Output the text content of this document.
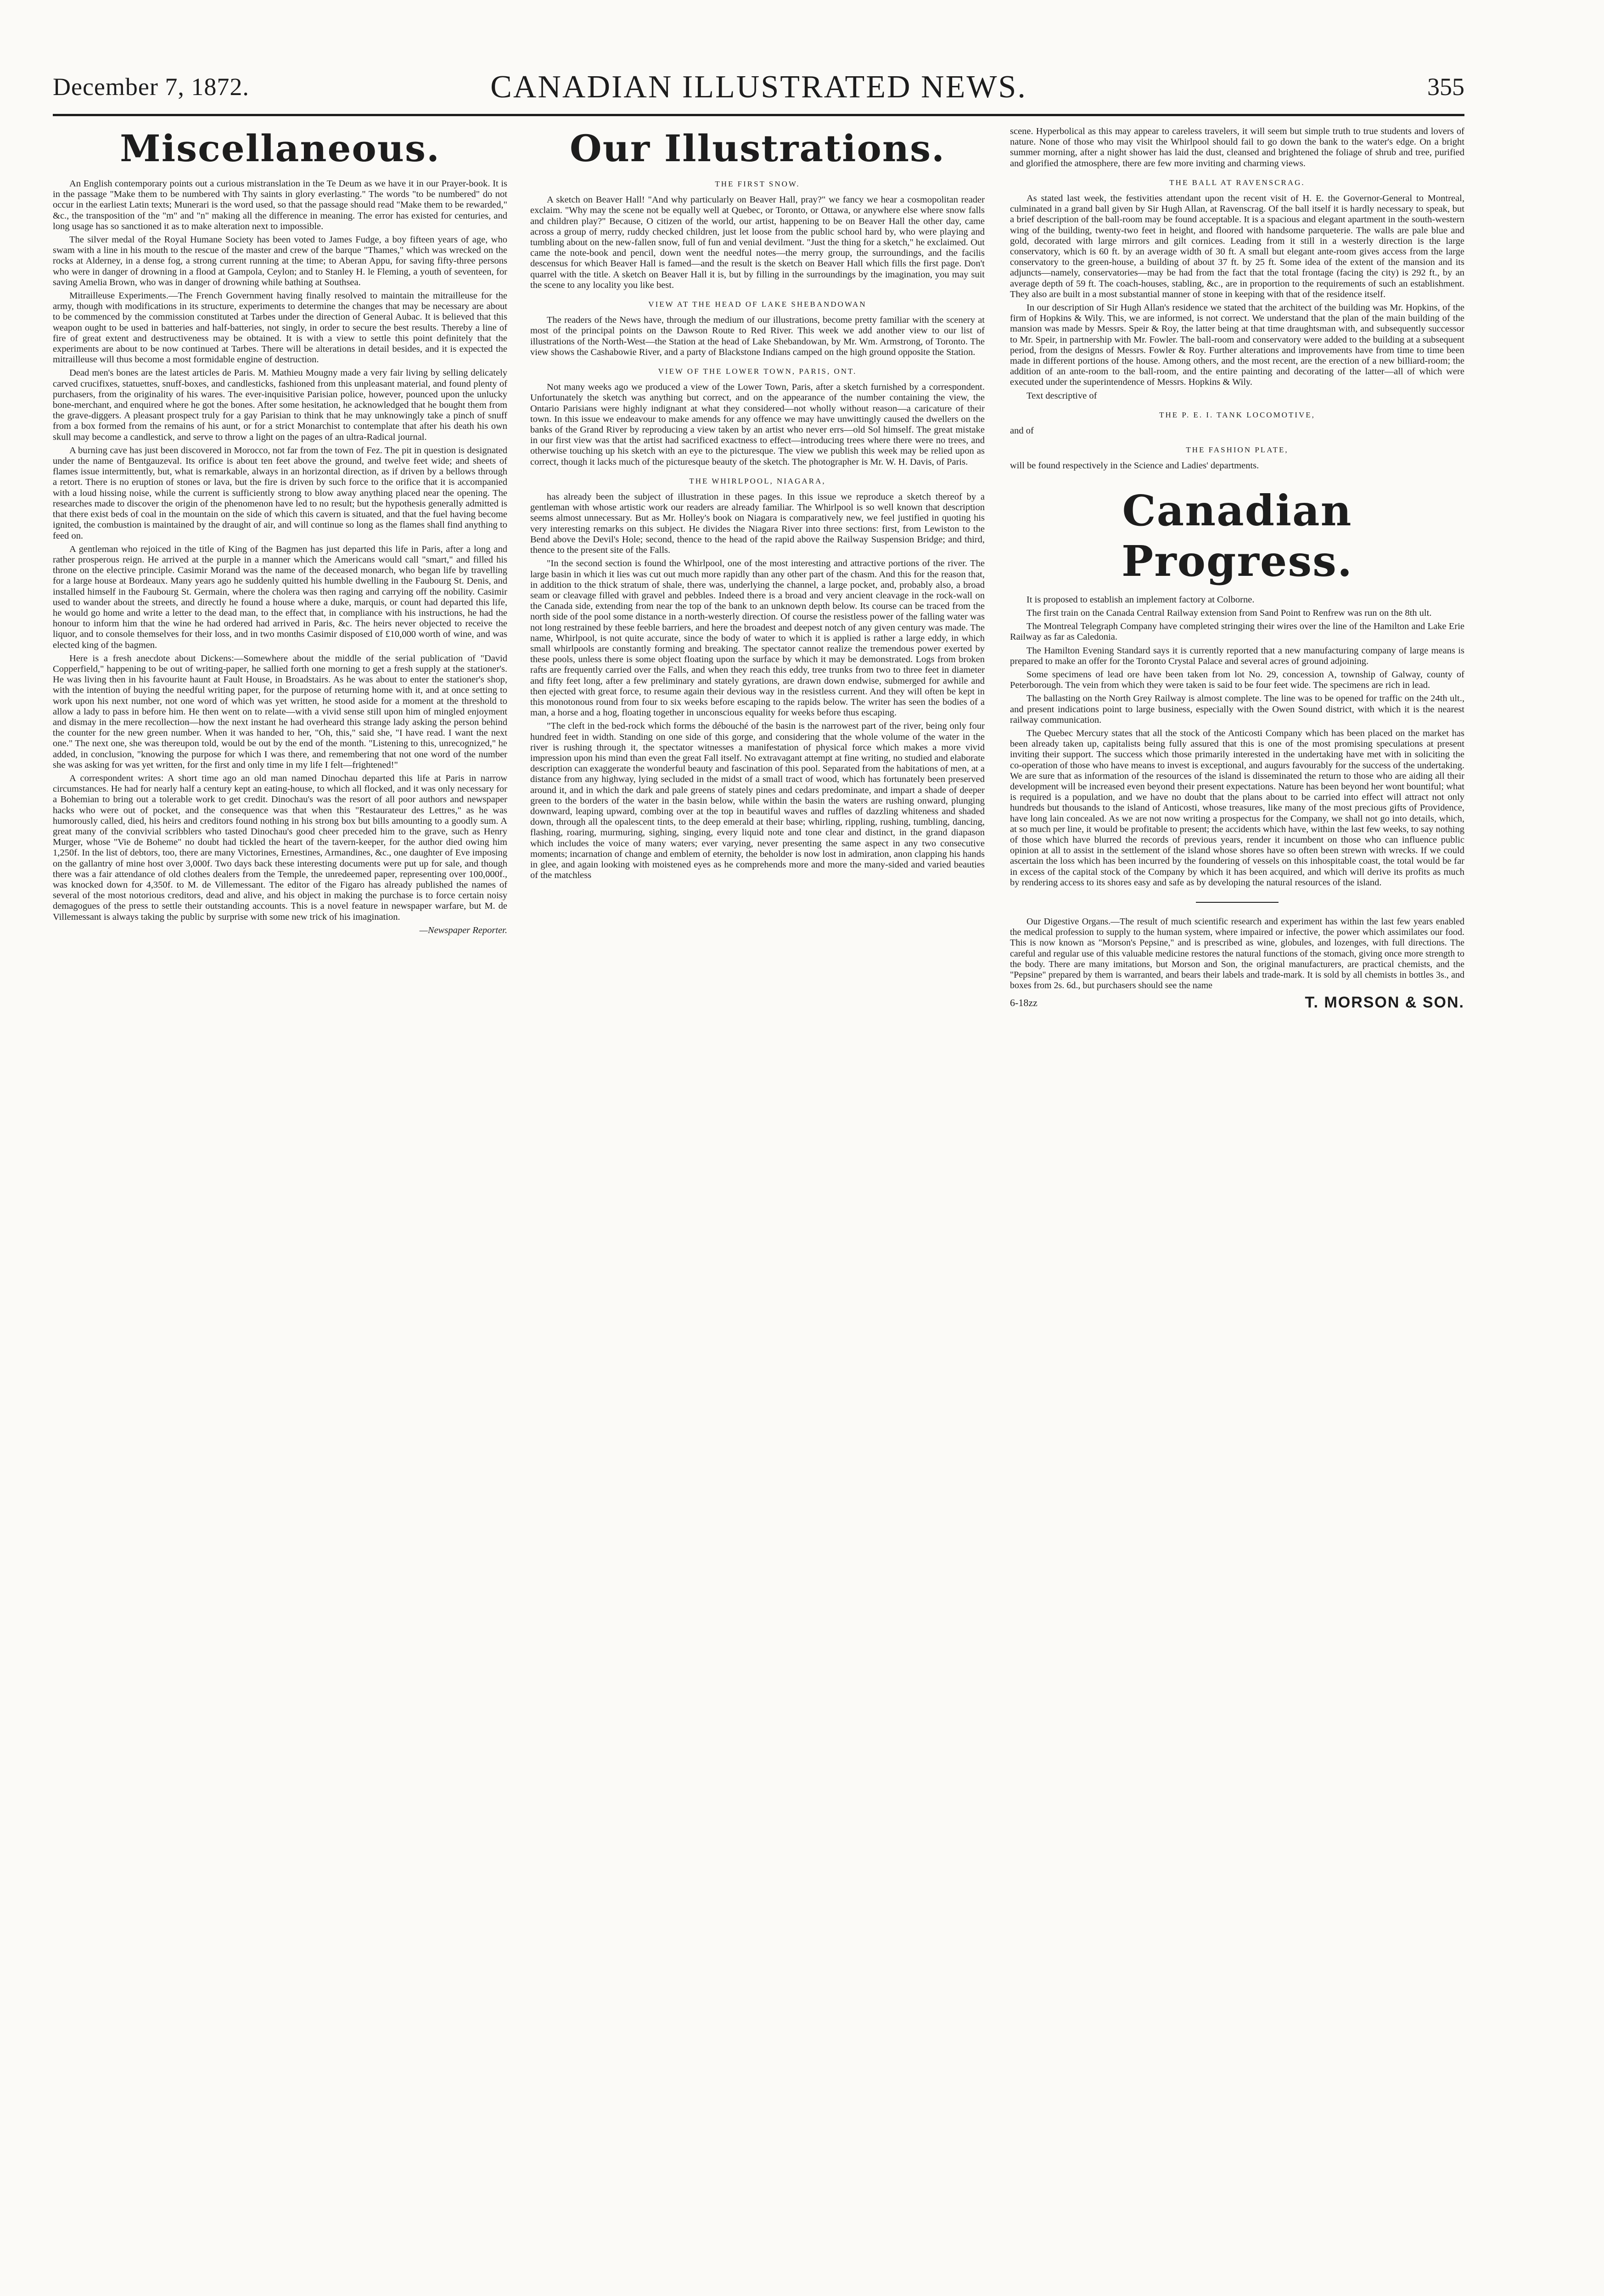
December 7, 1872.	CANADIAN ILLUSTRATED NEWS.	355
Miscellaneous.

An English contemporary points out a curious mistranslation in the Te Deum as we have it in our Prayer-book. It is in the passage "Make them to be numbered with Thy saints in glory everlasting." The words "to be numbered" do not occur in the earliest Latin texts; Munerari is the word used, so that the passage should read "Make them to be rewarded," &c., the transposition of the "m" and "n" making all the difference in meaning. The error has existed for centuries, and long usage has so sanctioned it as to make alteration next to impossible.

The silver medal of the Royal Humane Society has been voted to James Fudge, a boy fifteen years of age, who swam with a line in his mouth to the rescue of the master and crew of the barque "Thames," which was wrecked on the rocks at Alderney, in a dense fog, a strong current running at the time; to Aberan Appu, for saving fifty-three persons who were in danger of drowning in a flood at Gampola, Ceylon; and to Stanley H. le Fleming, a youth of seventeen, for saving Amelia Brown, who was in danger of drowning while bathing at Southsea.

Mitrailleuse Experiments.—The French Government having finally resolved to maintain the mitrailleuse for the army, though with modifications in its structure, experiments to determine the changes that may be necessary are about to be commenced by the commission constituted at Tarbes under the direction of General Aubac. It is believed that this weapon ought to be used in batteries and half-batteries, not singly, in order to secure the best results. Thereby a line of fire of great extent and destructiveness may be obtained. It is with a view to settle this point definitely that the experiments are about to be now continued at Tarbes. There will be alterations in detail besides, and it is expected the mitrailleuse will thus become a most formidable engine of destruction.

Dead men's bones are the latest articles de Paris. M. Mathieu Mougny made a very fair living by selling delicately carved crucifixes, statuettes, snuff-boxes, and candlesticks, fashioned from this unpleasant material, and found plenty of purchasers, from the originality of his wares. The ever-inquisitive Parisian police, however, pounced upon the unlucky bone-merchant, and enquired where he got the bones. After some hesitation, he acknowledged that he bought them from the grave-diggers. A pleasant prospect truly for a gay Parisian to think that he may unknowingly take a pinch of snuff from a box formed from the remains of his aunt, or for a strict Monarchist to contemplate that after his death his own skull may become a candlestick, and serve to throw a light on the pages of an ultra-Radical journal.

A burning cave has just been discovered in Morocco, not far from the town of Fez. The pit in question is designated under the name of Bentgauzeval. Its orifice is about ten feet above the ground, and twelve feet wide; and sheets of flames issue intermittently, but, what is remarkable, always in an horizontal direction, as if driven by a bellows through a retort. There is no eruption of stones or lava, but the fire is driven by such force to the orifice that it is accompanied with a loud hissing noise, while the current is sufficiently strong to blow away anything placed near the opening. The researches made to discover the origin of the phenomenon have led to no result; but the hypothesis generally admitted is that there exist beds of coal in the mountain on the side of which this cavern is situated, and that the fuel having become ignited, the combustion is maintained by the draught of air, and will continue so long as the flames shall find anything to feed on.

A gentleman who rejoiced in the title of King of the Bagmen has just departed this life in Paris, after a long and rather prosperous reign. He arrived at the purple in a manner which the Americans would call "smart," and filled his throne on the elective principle. Casimir Morand was the name of the deceased monarch, who began life by travelling for a large house at Bordeaux. Many years ago he suddenly quitted his humble dwelling in the Faubourg St. Denis, and installed himself in the Faubourg St. Germain, where the cholera was then raging and carrying off the nobility. Casimir used to wander about the streets, and directly he found a house where a duke, marquis, or count had departed this life, he would go home and write a letter to the dead man, to the effect that, in compliance with his instructions, he had the honour to inform him that the wine he had ordered had arrived in Paris, &c. The heirs never objected to receive the liquor, and to console themselves for their loss, and in two months Casimir disposed of £10,000 worth of wine, and was elected king of the bagmen.

Here is a fresh anecdote about Dickens:—Somewhere about the middle of the serial publication of "David Copperfield," happening to be out of writing-paper, he sallied forth one morning to get a fresh supply at the stationer's. He was living then in his favourite haunt at Fault House, in Broadstairs. As he was about to enter the stationer's shop, with the intention of buying the needful writing paper, for the purpose of returning home with it, and at once setting to work upon his next number, not one word of which was yet written, he stood aside for a moment at the threshold to allow a lady to pass in before him. He then went on to relate—with a vivid sense still upon him of mingled enjoyment and dismay in the mere recollection—how the next instant he had overheard this strange lady asking the person behind the counter for the new green number. When it was handed to her, "Oh, this," said she, "I have read. I want the next one." The next one, she was thereupon told, would be out by the end of the month. "Listening to this, unrecognized," he added, in conclusion, "knowing the purpose for which I was there, and remembering that not one word of the number she was asking for was yet written, for the first and only time in my life I felt—frightened!"

A correspondent writes: A short time ago an old man named Dinochau departed this life at Paris in narrow circumstances. He had for nearly half a century kept an eating-house, to which all flocked, and it was only necessary for a Bohemian to bring out a tolerable work to get credit. Dinochau's was the resort of all poor authors and newspaper hacks who were out of pocket, and the consequence was that when this "Restaurateur des Lettres," as he was humorously called, died, his heirs and creditors found nothing in his strong box but bills amounting to a goodly sum. A great many of the convivial scribblers who tasted Dinochau's good cheer preceded him to the grave, such as Henry Murger, whose "Vie de Boheme" no doubt had tickled the heart of the tavern-keeper, for the author died owing him 1,250f. In the list of debtors, too, there are many Victorines, Ernestines, Armandines, &c., one daughter of Eve imposing on the gallantry of mine host over 3,000f. Two days back these interesting documents were put up for sale, and though there was a fair attendance of old clothes dealers from the Temple, the unredeemed paper, representing over 100,000f., was knocked down for 4,350f. to M. de Villemessant. The editor of the Figaro has already published the names of several of the most notorious creditors, dead and alive, and his object in making the purchase is to force certain noisy demagogues of the press to settle their outstanding accounts. This is a novel feature in newspaper warfare, but M. de Villemessant is always taking the public by surprise with some new trick of his imagination.

—Newspaper Reporter.

Our Illustrations.
THE FIRST SNOW.

A sketch on Beaver Hall! "And why particularly on Beaver Hall, pray?" we fancy we hear a cosmopolitan reader exclaim. "Why may the scene not be equally well at Quebec, or Toronto, or Ottawa, or anywhere else where snow falls and children play?" Because, O citizen of the world, our artist, happening to be on Beaver Hall the other day, came across a group of merry, ruddy checked children, just let loose from the public school hard by, who were playing and tumbling about on the new-fallen snow, full of fun and venial devilment. "Just the thing for a sketch," he exclaimed. Out came the note-book and pencil, down went the needful notes—the merry group, the surroundings, and the facilis descensus for which Beaver Hall is famed—and the result is the sketch on Beaver Hall which fills the first page. Don't quarrel with the title. A sketch on Beaver Hall it is, but by filling in the surroundings by the imagination, you may suit the scene to any locality you like best.

VIEW AT THE HEAD OF LAKE SHEBANDOWAN

The readers of the News have, through the medium of our illustrations, become pretty familiar with the scenery at most of the principal points on the Dawson Route to Red River. This week we add another view to our list of illustrations of the North-West—the Station at the head of Lake Shebandowan, by Mr. Wm. Armstrong, of Toronto. The view shows the Cashabowie River, and a party of Blackstone Indians camped on the high ground opposite the Station.

VIEW OF THE LOWER TOWN, PARIS, ONT.

Not many weeks ago we produced a view of the Lower Town, Paris, after a sketch furnished by a correspondent. Unfortunately the sketch was anything but correct, and on the appearance of the number containing the view, the Ontario Parisians were highly indignant at what they considered—not wholly without reason—a caricature of their town. In this issue we endeavour to make amends for any offence we may have unwittingly caused the dwellers on the banks of the Grand River by reproducing a view taken by an artist who never errs—old Sol himself. The great mistake in our first view was that the artist had sacrificed exactness to effect—introducing trees where there were no trees, and otherwise touching up his sketch with an eye to the picturesque. The view we publish this week may be relied upon as correct, though it lacks much of the picturesque beauty of the sketch. The photographer is Mr. W. H. Davis, of Paris.

THE WHIRLPOOL, NIAGARA,

has already been the subject of illustration in these pages. In this issue we reproduce a sketch thereof by a gentleman with whose artistic work our readers are already familiar. The Whirlpool is so well known that description seems almost unnecessary. But as Mr. Holley's book on Niagara is comparatively new, we feel justified in quoting his very interesting remarks on this subject. He divides the Niagara River into three sections: first, from Lewiston to the Bend above the Devil's Hole; second, thence to the head of the rapid above the Railway Suspension Bridge; and third, thence to the present site of the Falls.

"In the second section is found the Whirlpool, one of the most interesting and attractive portions of the river. The large basin in which it lies was cut out much more rapidly than any other part of the chasm. And this for the reason that, in addition to the thick stratum of shale, there was, underlying the channel, a large pocket, and, probably also, a broad seam or cleavage filled with gravel and pebbles. Indeed there is a broad and very ancient cleavage in the rock-wall on the Canada side, extending from near the top of the bank to an unknown depth below. Its course can be traced from the north side of the pool some distance in a north-westerly direction. Of course the resistless power of the falling water was not long restrained by these feeble barriers, and here the broadest and deepest notch of any given century was made. The name, Whirlpool, is not quite accurate, since the body of water to which it is applied is rather a large eddy, in which small whirlpools are constantly forming and breaking. The spectator cannot realize the tremendous power exerted by these pools, unless there is some object floating upon the surface by which it may be demonstrated. Logs from broken rafts are frequently carried over the Falls, and when they reach this eddy, tree trunks from two to three feet in diameter and fifty feet long, after a few preliminary and stately gyrations, are drawn down endwise, submerged for awhile and then ejected with great force, to resume again their devious way in the resistless current. And they will often be kept in this monotonous round from four to six weeks before escaping to the rapids below. The writer has seen the bodies of a man, a horse and a hog, floating together in unconscious equality for weeks before thus escaping.

"The cleft in the bed-rock which forms the débouché of the basin is the narrowest part of the river, being only four hundred feet in width. Standing on one side of this gorge, and considering that the whole volume of the water in the river is rushing through it, the spectator witnesses a manifestation of physical force which makes a more vivid impression upon his mind than even the great Fall itself. No extravagant attempt at fine writing, no studied and elaborate description can exaggerate the wonderful beauty and fascination of this pool. Separated from the habitations of men, at a distance from any highway, lying secluded in the midst of a small tract of wood, which has fortunately been preserved around it, and in which the dark and pale greens of stately pines and cedars predominate, and impart a shade of deeper green to the borders of the water in the basin below, while within the basin the waters are rushing onward, plunging downward, leaping upward, combing over at the top in beautiful waves and ruffles of dazzling whiteness and shaded down, through all the opalescent tints, to the deep emerald at their base; whirling, rippling, rushing, tumbling, dancing, flashing, roaring, murmuring, sighing, singing, every liquid note and tone clear and distinct, in the grand diapason which includes the voice of many waters; ever varying, never presenting the same aspect in any two consecutive moments; incarnation of change and emblem of eternity, the beholder is now lost in admiration, anon clapping his hands in glee, and again looking with moistened eyes as he comprehends more and more the many-sided and varied beauties of the matchless

scene. Hyperbolical as this may appear to careless travelers, it will seem but simple truth to true students and lovers of nature. None of those who may visit the Whirlpool should fail to go down the bank to the water's edge. On a bright summer morning, after a night shower has laid the dust, cleansed and brightened the foliage of shrub and tree, purified and glorified the atmosphere, there are few more inviting and charming views.

THE BALL AT RAVENSCRAG.

As stated last week, the festivities attendant upon the recent visit of H. E. the Governor-General to Montreal, culminated in a grand ball given by Sir Hugh Allan, at Ravenscrag. Of the ball itself it is hardly necessary to speak, but a brief description of the ball-room may be found acceptable. It is a spacious and elegant apartment in the south-western wing of the building, twenty-two feet in height, and floored with handsome parqueterie. The walls are pale blue and gold, decorated with large mirrors and gilt cornices. Leading from it still in a westerly direction is the large conservatory, which is 60 ft. by an average width of 30 ft. A small but elegant ante-room gives access from the large conservatory to the green-house, a building of about 37 ft. by 25 ft. Some idea of the extent of the mansion and its adjuncts—namely, conservatories—may be had from the fact that the total frontage (facing the city) is 292 ft., by an average depth of 59 ft. The coach-houses, stabling, &c., are in proportion to the requirements of such an establishment. They also are built in a most substantial manner of stone in keeping with that of the residence itself.

In our description of Sir Hugh Allan's residence we stated that the architect of the building was Mr. Hopkins, of the firm of Hopkins & Wily. This, we are informed, is not correct. We understand that the plan of the main building of the mansion was made by Messrs. Speir & Roy, the latter being at that time draughtsman with, and subsequently successor to Mr. Speir, in partnership with Mr. Fowler. The ball-room and conservatory were added to the building at a subsequent period, from the designs of Messrs. Fowler & Roy. Further alterations and improvements have from time to time been made in different portions of the house. Among others, and the most recent, are the erection of a new billiard-room; the addition of an ante-room to the ball-room, and the entire painting and decorating of the latter—all of which were executed under the superintendence of Messrs. Hopkins & Wily.

Text descriptive of

THE P. E. I. TANK LOCOMOTIVE,

and of

THE FASHION PLATE,

will be found respectively in the Science and Ladies' departments.

Canadian Progress.

It is proposed to establish an implement factory at Colborne.

The first train on the Canada Central Railway extension from Sand Point to Renfrew was run on the 8th ult.

The Montreal Telegraph Company have completed stringing their wires over the line of the Hamilton and Lake Erie Railway as far as Caledonia.

The Hamilton Evening Standard says it is currently reported that a new manufacturing company of large means is prepared to make an offer for the Toronto Crystal Palace and several acres of ground adjoining.

Some specimens of lead ore have been taken from lot No. 29, concession A, township of Galway, county of Peterborough. The vein from which they were taken is said to be four feet wide. The specimens are rich in lead.

The ballasting on the North Grey Railway is almost complete. The line was to be opened for traffic on the 24th ult., and present indications point to large business, especially with the Owen Sound district, with which it is the nearest railway communication.

The Quebec Mercury states that all the stock of the Anticosti Company which has been placed on the market has been already taken up, capitalists being fully assured that this is one of the most promising speculations at present inviting their support. The success which those primarily interested in the undertaking have met with in soliciting the co-operation of those who have means to invest is exceptional, and augurs favourably for the success of the undertaking. We are sure that as information of the resources of the island is disseminated the return to those who are aiding all their development will be increased even beyond their present expectations. Nature has been beyond her wont bountiful; what is required is a population, and we have no doubt that the plans about to be carried into effect will attract not only hundreds but thousands to the island of Anticosti, whose treasures, like many of the most precious gifts of Providence, have long lain concealed. As we are not now writing a prospectus for the Company, we shall not go into details, which, at so much per line, it would be profitable to present; the accidents which have, within the last few weeks, to say nothing of those which have blurred the records of previous years, render it incumbent on those who can influence public opinion at all to assist in the settlement of the island whose shores have so often been strewn with wrecks. If we could ascertain the loss which has been incurred by the foundering of vessels on this inhospitable coast, the total would be far in excess of the capital stock of the Company by which it has been acquired, and which will derive its profits as much by rendering access to its shores easy and safe as by developing the natural resources of the island.

Our Digestive Organs.—The result of much scientific research and experiment has within the last few years enabled the medical profession to supply to the human system, where impaired or infective, the power which assimilates our food. This is now known as "Morson's Pepsine," and is prescribed as wine, globules, and lozenges, with full directions. The careful and regular use of this valuable medicine restores the natural functions of the stomach, giving once more strength to the body. There are many imitations, but Morson and Son, the original manufacturers, are practical chemists, and the "Pepsine" prepared by them is warranted, and bears their labels and trade-mark. It is sold by all chemists in bottles 3s., and boxes from 2s. 6d., but purchasers should see the name

6-18zz	T. MORSON & SON.
